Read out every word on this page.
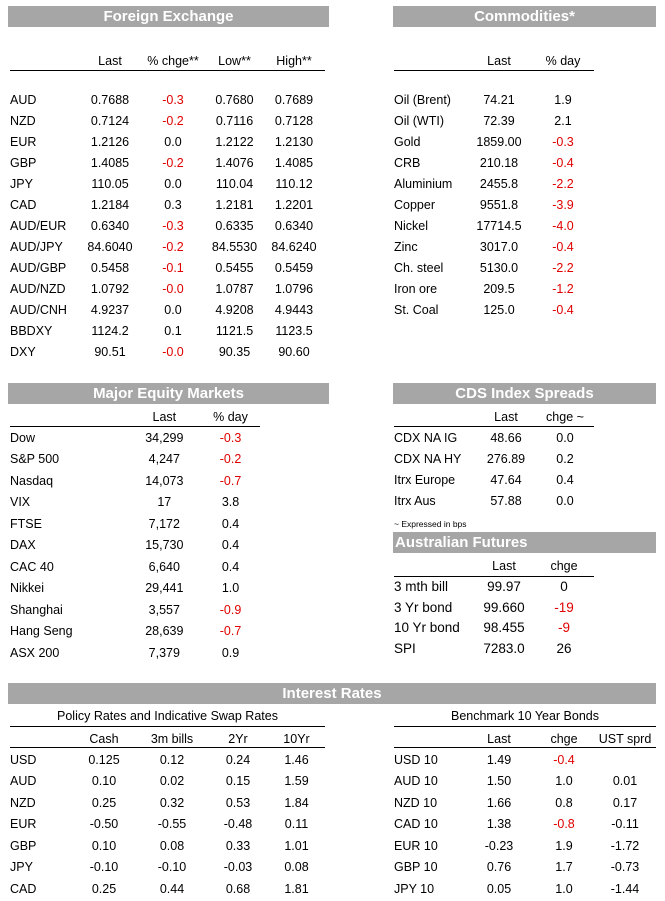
Foreign Exchange
	Last	% chge**	Low**	High**

AUD	0.7688	-0.3	0.7680	0.7689
NZD	0.7124	-0.2	0.7116	0.7128
EUR	1.2126	0.0	1.2122	1.2130
GBP	1.4085	-0.2	1.4076	1.4085
JPY	110.05	0.0	110.04	110.12
CAD	1.2184	0.3	1.2181	1.2201
AUD/EUR	0.6340	-0.3	0.6335	0.6340
AUD/JPY	84.6040	-0.2	84.5530	84.6240
AUD/GBP	0.5458	-0.1	0.5455	0.5459
AUD/NZD	1.0792	-0.0	1.0787	1.0796
AUD/CNH	4.9237	0.0	4.9208	4.9443
BBDXY	1124.2	0.1	1121.5	1123.5
DXY	90.51	-0.0	90.35	90.60
Commodities*
	Last	% day

Oil (Brent)	74.21	1.9
Oil (WTI)	72.39	2.1
Gold	1859.00	-0.3
CRB	210.18	-0.4
Aluminium	2455.8	-2.2
Copper	9551.8	-3.9
Nickel	17714.5	-4.0
Zinc	3017.0	-0.4
Ch. steel	5130.0	-2.2
Iron ore	209.5	-1.2
St. Coal	125.0	-0.4
Major Equity Markets
	Last	% day
Dow	34,299	-0.3
S&P 500	4,247	-0.2
Nasdaq	14,073	-0.7
VIX	17	3.8
FTSE	7,172	0.4
DAX	15,730	0.4
CAC 40	6,640	0.4
Nikkei	29,441	1.0
Shanghai	3,557	-0.9
Hang Seng	28,639	-0.7
ASX 200	7,379	0.9
CDS Index Spreads
	Last	chge ~
CDX NA IG	48.66	0.0
CDX NA HY	276.89	0.2
Itrx Europe	47.64	0.4
Itrx Aus	57.88	0.0
~ Expressed in bps
Australian Futures
	Last	chge
3 mth bill	99.97	0
3 Yr bond	99.660	-19
10 Yr bond	98.455	-9
SPI	7283.0	26
Interest Rates
Policy Rates and Indicative Swap Rates
	Cash	3m bills	2Yr	10Yr
USD	0.125	0.12	0.24	1.46
AUD	0.10	0.02	0.15	1.59
NZD	0.25	0.32	0.53	1.84
EUR	-0.50	-0.55	-0.48	0.11
GBP	0.10	0.08	0.33	1.01
JPY	-0.10	-0.10	-0.03	0.08
CAD	0.25	0.44	0.68	1.81
Benchmark 10 Year Bonds
	Last	chge	UST sprd
USD 10	1.49	-0.4	
AUD 10	1.50	1.0	0.01
NZD 10	1.66	0.8	0.17
CAD 10	1.38	-0.8	-0.11
EUR 10	-0.23	1.9	-1.72
GBP 10	0.76	1.7	-0.73
JPY 10	0.05	1.0	-1.44
